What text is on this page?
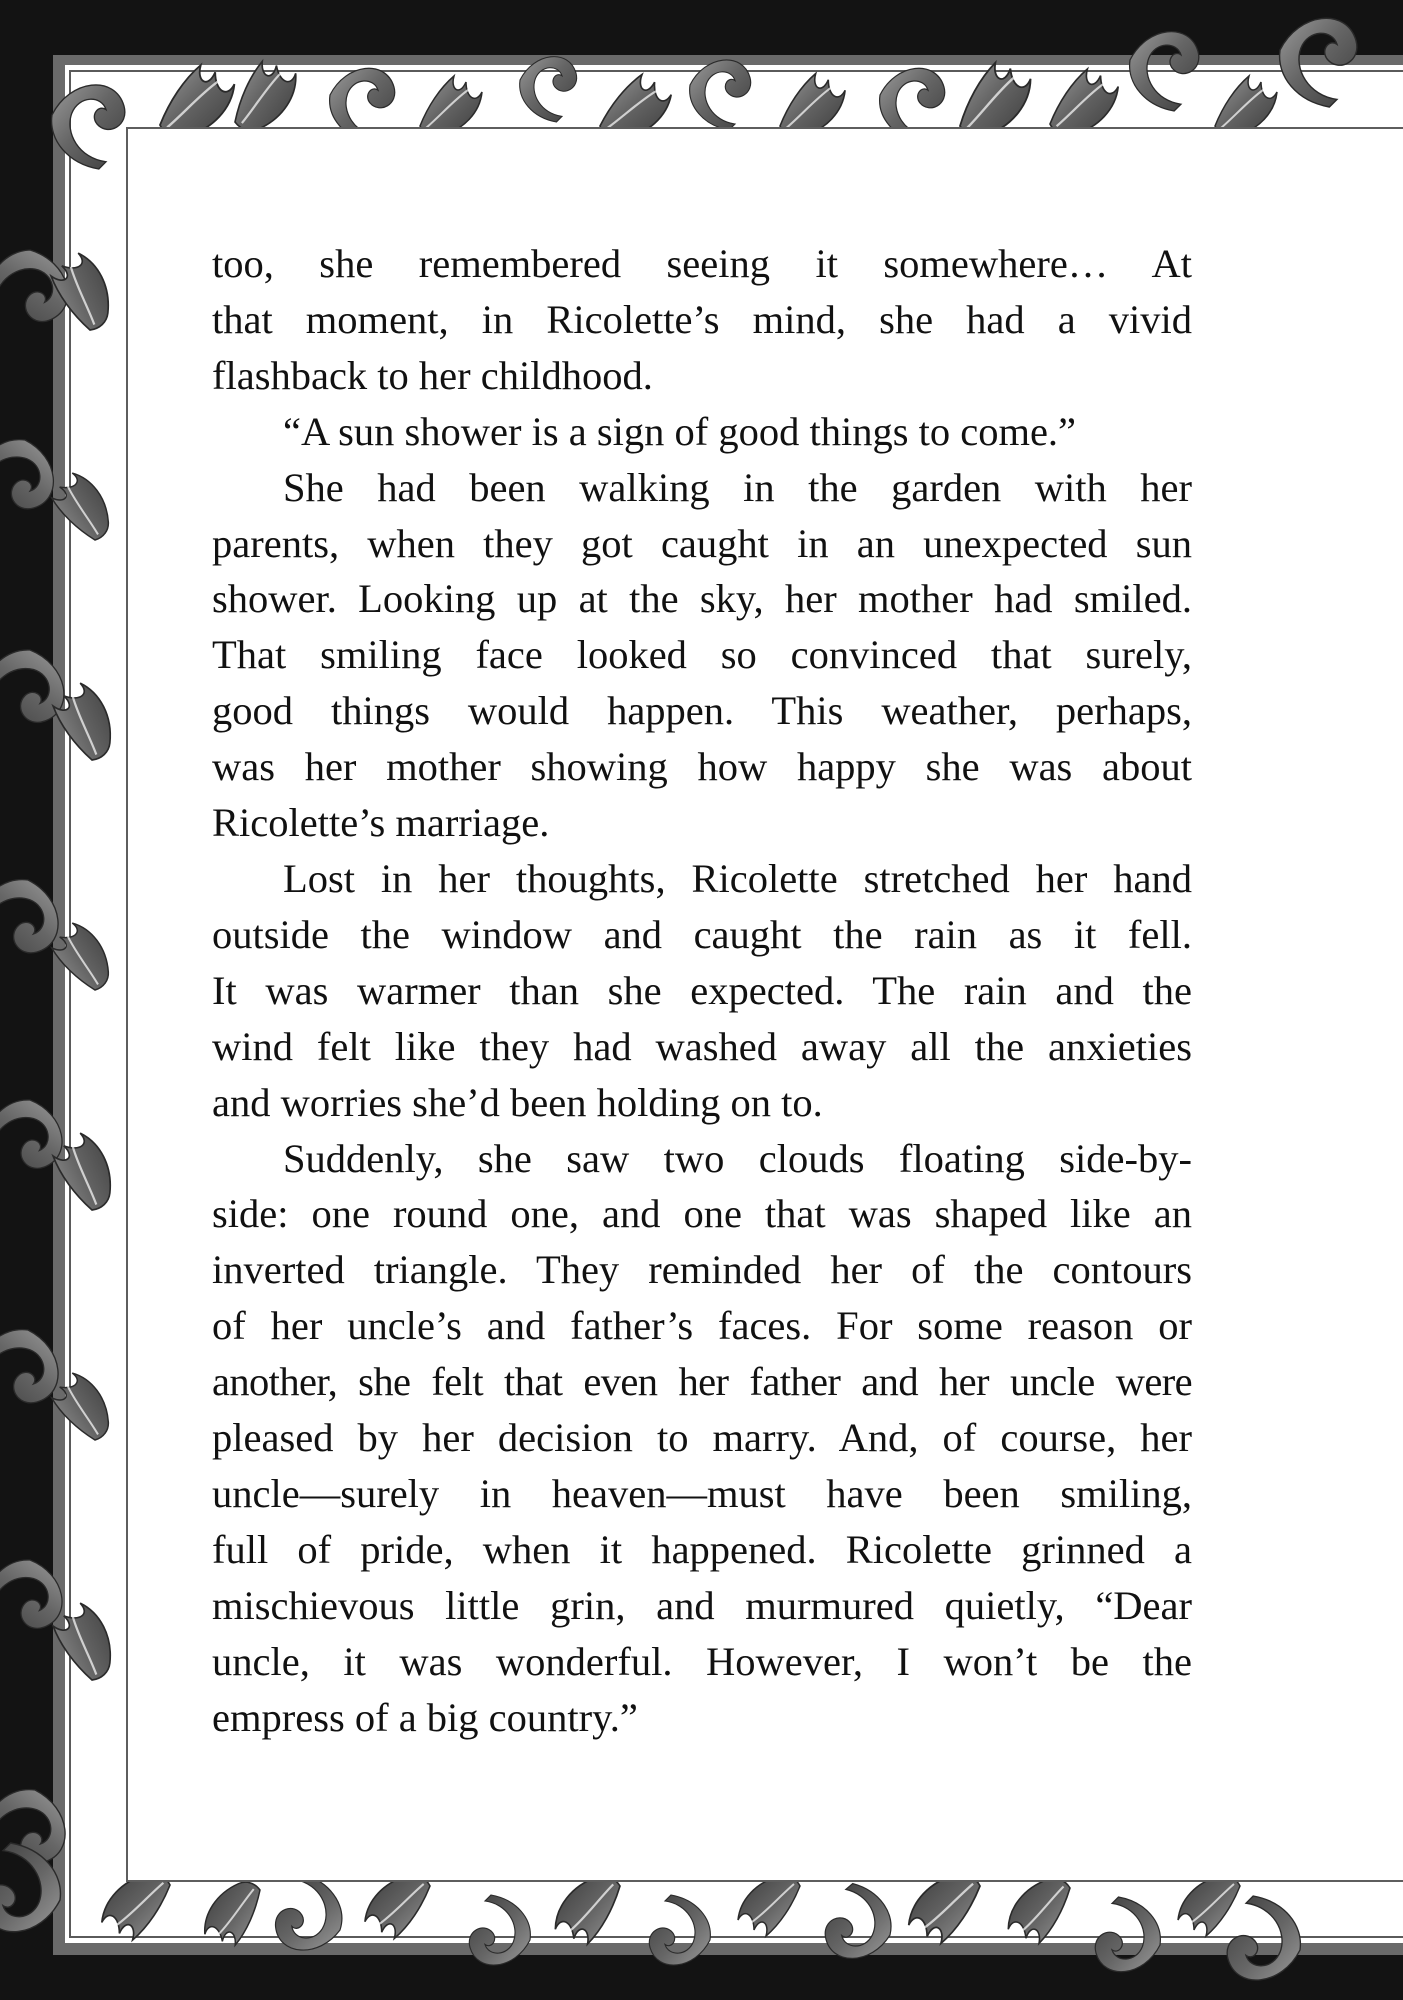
too, she remembered seeing it somewhere… At
that moment, in Ricolette’s mind, she had a vivid
flashback to her childhood.
“A sun shower is a sign of good things to come.”
She had been walking in the garden with her
parents, when they got caught in an unexpected sun
shower. Looking up at the sky, her mother had smiled.
That smiling face looked so convinced that surely,
good things would happen. This weather, perhaps,
was her mother showing how happy she was about
Ricolette’s marriage.
Lost in her thoughts, Ricolette stretched her hand
outside the window and caught the rain as it fell.
It was warmer than she expected. The rain and the
wind felt like they had washed away all the anxieties
and worries she’d been holding on to.
Suddenly, she saw two clouds floating side-by-
side: one round one, and one that was shaped like an
inverted triangle. They reminded her of the contours
of her uncle’s and father’s faces. For some reason or
another, she felt that even her father and her uncle were
pleased by her decision to marry. And, of course, her
uncle—surely in heaven—must have been smiling,
full of pride, when it happened. Ricolette grinned a
mischievous little grin, and murmured quietly, “Dear
uncle, it was wonderful. However, I won’t be the
empress of a big country.”
